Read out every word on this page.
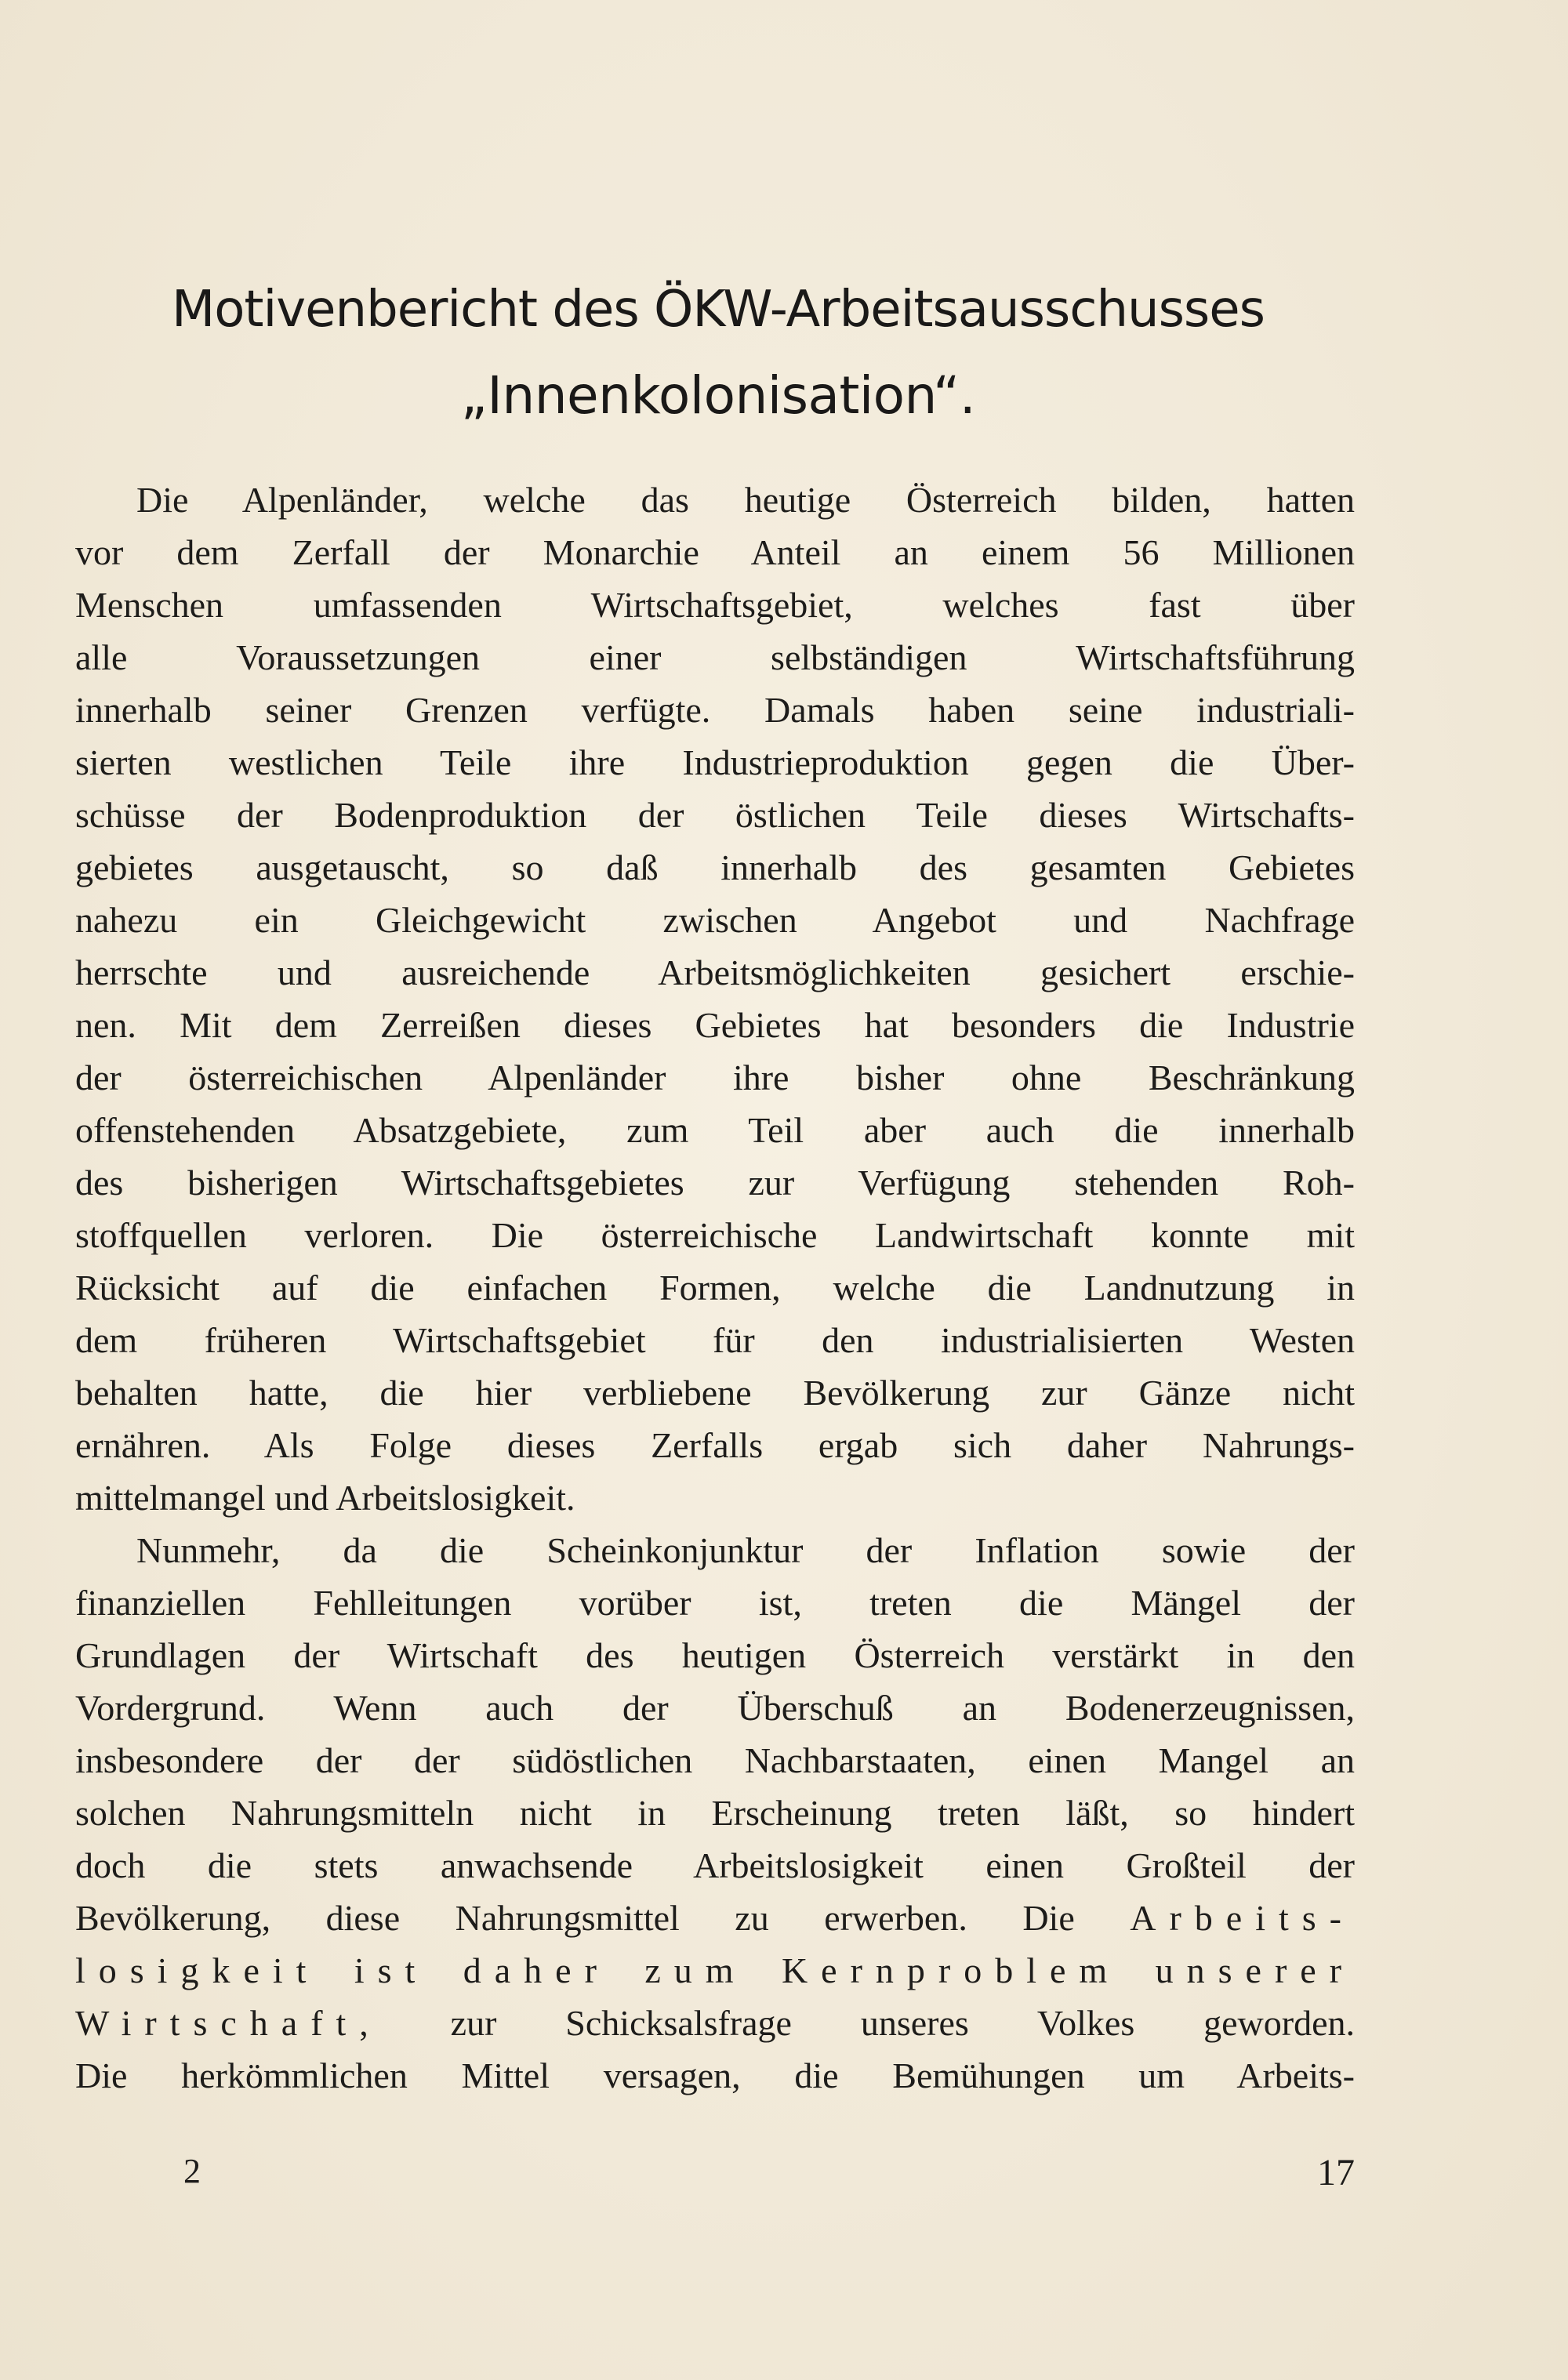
Motivenbericht des ÖKW-Arbeitsausschusses
„Innenkolonisation“.
Die Alpenländer, welche das heutige Österreich bilden, hatten
vor dem Zerfall der Monarchie Anteil an einem 56 Millionen
Menschen umfassenden Wirtschaftsgebiet, welches fast über
alle Voraussetzungen einer selbständigen Wirtschaftsführung
innerhalb seiner Grenzen verfügte. Damals haben seine industriali-
sierten westlichen Teile ihre Industrieproduktion gegen die Über-
schüsse der Bodenproduktion der östlichen Teile dieses Wirtschafts-
gebietes ausgetauscht, so daß innerhalb des gesamten Gebietes
nahezu ein Gleichgewicht zwischen Angebot und Nachfrage
herrschte und ausreichende Arbeitsmöglichkeiten gesichert erschie-
nen. Mit dem Zerreißen dieses Gebietes hat besonders die Industrie
der österreichischen Alpenländer ihre bisher ohne Beschränkung
offenstehenden Absatzgebiete, zum Teil aber auch die innerhalb
des bisherigen Wirtschaftsgebietes zur Verfügung stehenden Roh-
stoffquellen verloren. Die österreichische Landwirtschaft konnte mit
Rücksicht auf die einfachen Formen, welche die Landnutzung in
dem früheren Wirtschaftsgebiet für den industrialisierten Westen
behalten hatte, die hier verbliebene Bevölkerung zur Gänze nicht
ernähren. Als Folge dieses Zerfalls ergab sich daher Nahrungs-
mittelmangel und Arbeitslosigkeit.
Nunmehr, da die Scheinkonjunktur der Inflation sowie der
finanziellen Fehlleitungen vorüber ist, treten die Mängel der
Grundlagen der Wirtschaft des heutigen Österreich verstärkt in den
Vordergrund. Wenn auch der Überschuß an Bodenerzeugnissen,
insbesondere der der südöstlichen Nachbarstaaten, einen Mangel an
solchen Nahrungsmitteln nicht in Erscheinung treten läßt, so hindert
doch die stets anwachsende Arbeitslosigkeit einen Großteil der
Bevölkerung, diese Nahrungsmittel zu erwerben. Die Arbeits-
losigkeit ist daher zum Kernproblem unserer
Wirtschaft, zur Schicksalsfrage unseres Volkes geworden.
Die herkömmlichen Mittel versagen, die Bemühungen um Arbeits-
2	17
